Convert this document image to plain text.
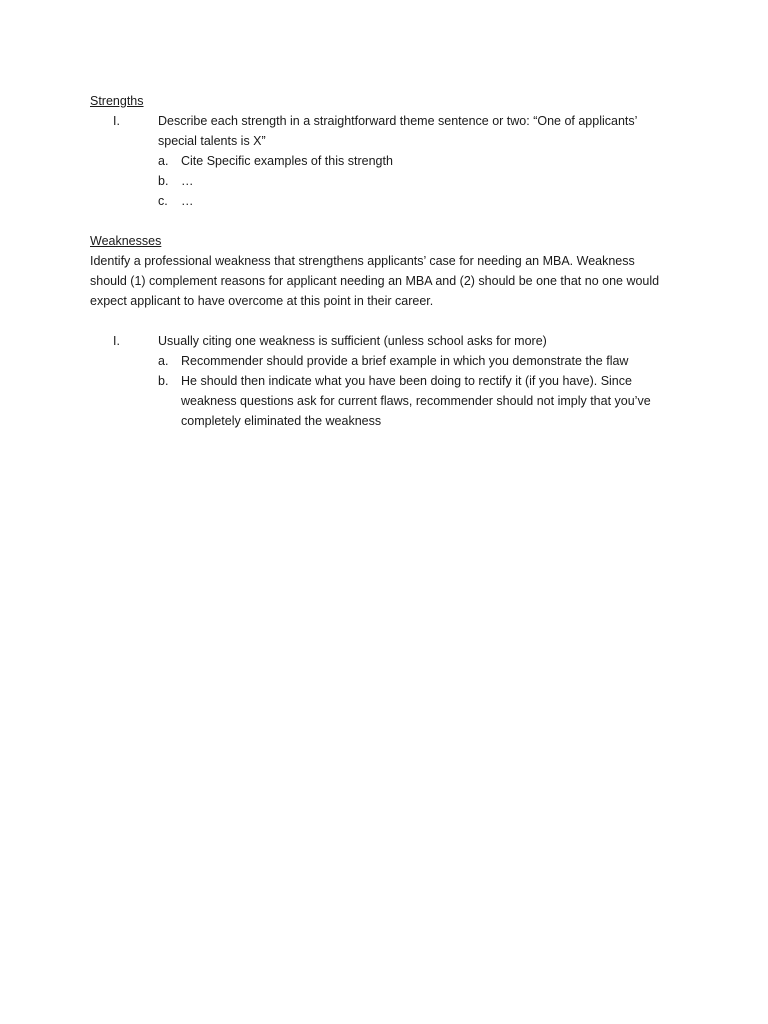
Strengths
I.	Describe each strength in a straightforward theme sentence or two: “One of applicants’
special talents is X”
a. Cite Specific examples of this strength
b. …
c. …
Weaknesses
Identify a professional weakness that strengthens applicants’ case for needing an MBA. Weakness
should (1) complement reasons for applicant needing an MBA and (2) should be one that no one would
expect applicant to have overcome at this point in their career.
I.	Usually citing one weakness is sufficient (unless school asks for more)
a. Recommender should provide a brief example in which you demonstrate the flaw
b. He should then indicate what you have been doing to rectify it (if you have). Since
weakness questions ask for current flaws, recommender should not imply that you’ve
completely eliminated the weakness
